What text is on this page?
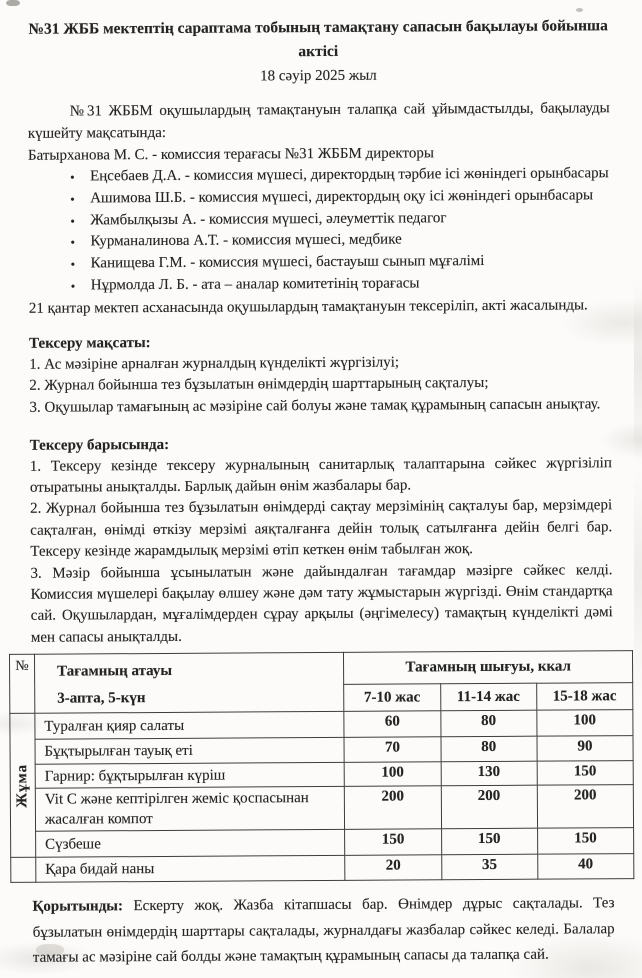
№31 ЖББ мектептің сараптама тобының тамақтану сапасын бақылауы бойынша
актісі
18 сәуір 2025 жыл

№31 ЖББМ оқушылардың тамақтануын талапқа сай ұйымдастылды, бақылауды күшейту мақсатында:

Батырханова М. С. - комиссия терағасы №31 ЖББМ директоры
• Еңсебаев Д.А. - комиссия мүшесі, директордың тәрбие ісі жөніндегі орынбасары
• Ашимова Ш.Б. - комиссия мүшесі, директордың оқу ісі жөніндегі орынбасары
• Жамбылқызы А. - комиссия мүшесі, әлеуметтік педагог
• Курманалинова А.Т. - комиссия мүшесі, медбике
• Канищева Г.М. - комиссия мүшесі, бастауыш сынып мұғалімі
• Нұрмолда Л. Б. - ата – аналар комитетінің торағасы
21 қантар мектеп асханасында оқушылардың тамақтануын тексеріліп, акті жасалынды.
Тексеру мақсаты:
1. Ас мәзіріне арналған журналдың күнделікті жүргізілуі;
2. Журнал бойынша тез бұзылатын өнімдердің шарттарының сақталуы;
3. Оқушылар тамағының ас мәзіріне сай болуы және тамақ құрамының сапасын анықтау.
Тексеру барысында:

1. Тексеру кезінде тексеру журналының санитарлық талаптарына сәйкес жүргізіліп отыратыны анықталды. Барлық дайын өнім жазбалары бар.

2. Журнал бойынша тез бұзылатын өнімдерді сақтау мерзімінің сақталуы бар, мерзімдері сақталған, өнімді өткізу мерзімі аяқталғанға дейін толық сатылғанға дейін белгі бар. Тексеру кезінде жарамдылық мерзімі өтіп кеткен өнім табылған жоқ.

3. Мәзір бойынша ұсынылатын және дайындалған тағамдар мәзірге сәйкес келді. Комиссия мүшелері бақылау өлшеу және дәм тату жұмыстарын жүргізді. Өнім стандартқа сай. Оқушылардан, мұғалімдерден сұрау арқылы (әңгімелесу) тамақтың күнделікті дәмі мен сапасы анықталды.

№	Тағамның атауы
3-апта, 5-күн	Тағамның шығуы, ккал		
		7-10 жас	11-14 жас	15-18 жас

Жұма	Туралған қияр салаты	60	80	100
	Бұқтырылған тауық еті	70	80	90
	Гарнир: бұқтырылған күріш	100	130	150
	Vit C және кептірілген жеміс қоспасынан жасалған компот	200	200	200
	Сүзбеше	150	150	150
	Қара бидай наны	20	35	40

Қорытынды: Ескерту жоқ. Жазба кітапшасы бар. Өнімдер дұрыс сақталады. Тез бұзылатын өнімдердің шарттары сақталады, журналдағы жазбалар сәйкес келеді. Балалар тамағы ас мәзіріне сай болды және тамақтың құрамының сапасы да талапқа сай.
